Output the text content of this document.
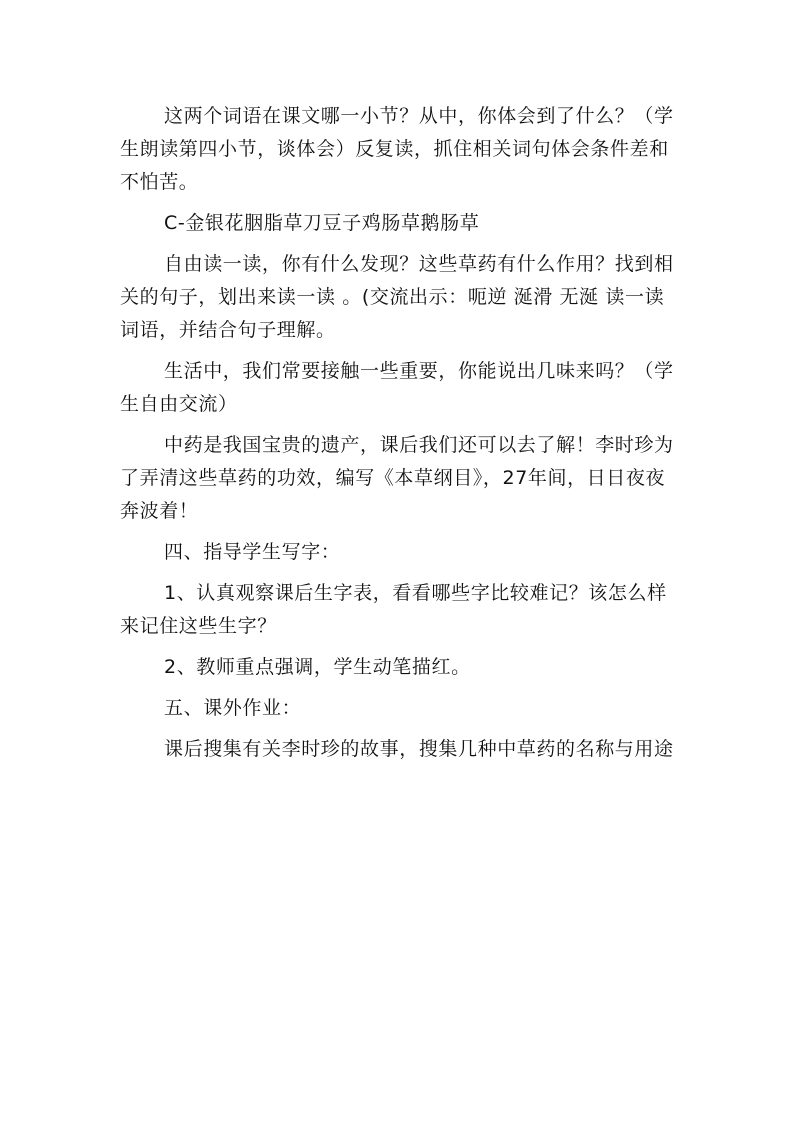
这两个词语在课文哪一小节？从中，你体会到了什么？（学生朗读第四小节，谈体会）反复读，抓住相关词句体会条件差和不怕苦。

C-金银花胭脂草刀豆子鸡肠草鹅肠草

自由读一读，你有什么发现？这些草药有什么作用？找到相关的句子，划出来读一读 。(交流出示：呃逆 涎滑 无涎 读一读词语，并结合句子理解。

生活中，我们常要接触一些重要，你能说出几味来吗？（学生自由交流）

中药是我国宝贵的遗产，课后我们还可以去了解！李时珍为了弄清这些草药的功效，编写《本草纲目》，27年间，日日夜夜奔波着！

四、指导学生写字：

1、认真观察课后生字表，看看哪些字比较难记？该怎么样来记住这些生字？

2、教师重点强调，学生动笔描红。

五、课外作业：

课后搜集有关李时珍的故事，搜集几种中草药的名称与用途
